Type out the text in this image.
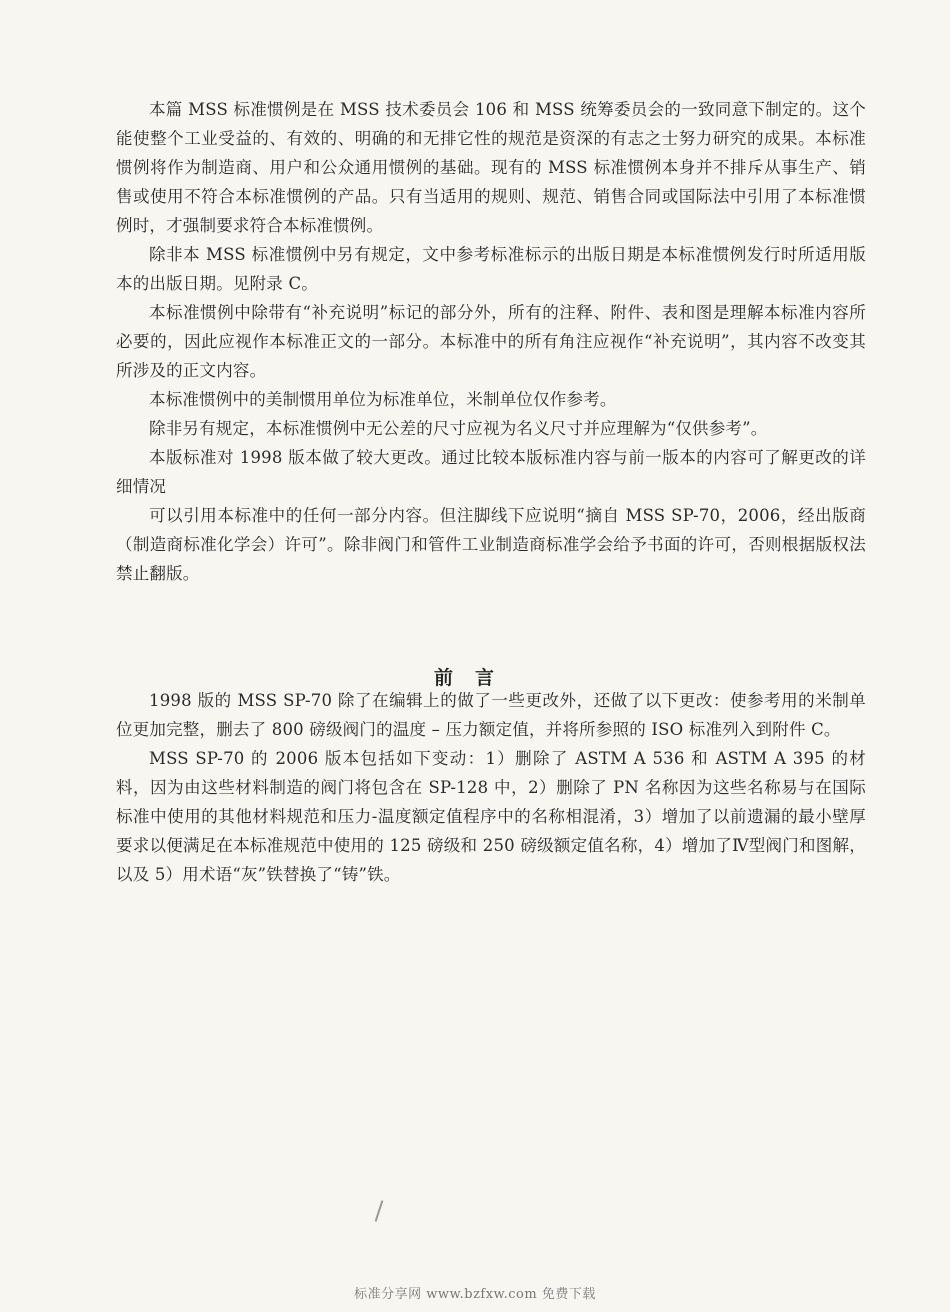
本篇 MSS 标准惯例是在 MSS 技术委员会 106 和 MSS 统筹委员会的一致同意下制定的。这个能使整个工业受益的、有效的、明确的和无排它性的规范是资深的有志之士努力研究的成果。本标准惯例将作为制造商、用户和公众通用惯例的基础。现有的 MSS 标准惯例本身并不排斥从事生产、销售或使用不符合本标准惯例的产品。只有当适用的规则、规范、销售合同或国际法中引用了本标准惯例时，才强制要求符合本标准惯例。

除非本 MSS 标准惯例中另有规定，文中参考标准标示的出版日期是本标准惯例发行时所适用版本的出版日期。见附录 C。

本标准惯例中除带有“补充说明”标记的部分外，所有的注释、附件、表和图是理解本标准内容所必要的，因此应视作本标准正文的一部分。本标准中的所有角注应视作“补充说明”，其内容不改变其所涉及的正文内容。

本标准惯例中的美制惯用单位为标准单位，米制单位仅作参考。

除非另有规定，本标准惯例中无公差的尺寸应视为名义尺寸并应理解为“仅供参考”。

本版标准对 1998 版本做了较大更改。通过比较本版标准内容与前一版本的内容可了解更改的详细情况

可以引用本标准中的任何一部分内容。但注脚线下应说明“摘自 MSS SP-70，2006，经出版商（制造商标准化学会）许可”。除非阀门和管件工业制造商标准学会给予书面的许可，否则根据版权法禁止翻版。

前言

1998 版的 MSS SP-70 除了在编辑上的做了一些更改外，还做了以下更改：使参考用的米制单位更加完整，删去了 800 磅级阀门的温度 – 压力额定值，并将所参照的 ISO 标准列入到附件 C。

MSS SP-70 的 2006 版本包括如下变动：1）删除了 ASTM A 536 和 ASTM A 395 的材料，因为由这些材料制造的阀门将包含在 SP-128 中，2）删除了 PN 名称因为这些名称易与在国际标准中使用的其他材料规范和压力-温度额定值程序中的名称相混淆，3）增加了以前遗漏的最小壁厚要求以便满足在本标准规范中使用的 125 磅级和 250 磅级额定值名称，4）增加了Ⅳ型阀门和图解，以及 5）用术语“灰”铁替换了“铸”铁。

标准分享网 www.bzfxw.com 免费下载
